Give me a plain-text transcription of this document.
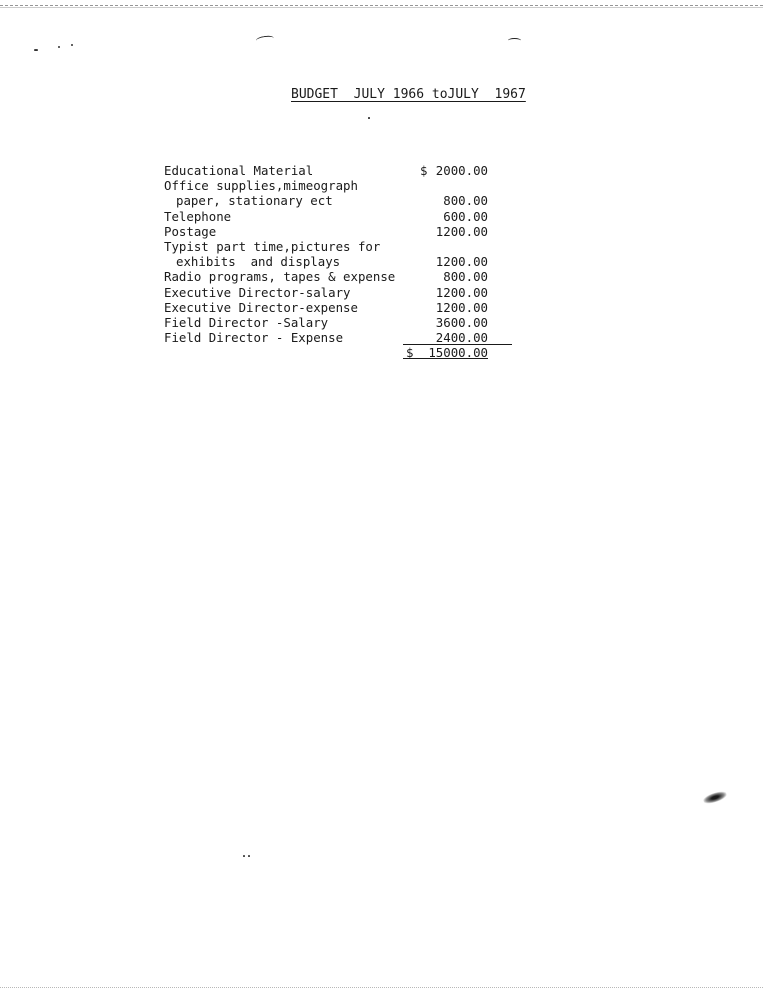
BUDGET  JULY 1966 toJULY  1967
Educational Material	$ 2000.00
Office supplies,mimeograph
paper, stationary ect	800.00
Telephone	600.00
Postage	1200.00
Typist part time,pictures for
exhibits  and displays	1200.00
Radio programs, tapes & expense	800.00
Executive Director-salary	1200.00
Executive Director-expense	1200.00
Field Director -Salary	3600.00
Field Director - Expense	2400.00
$ 15000.00
